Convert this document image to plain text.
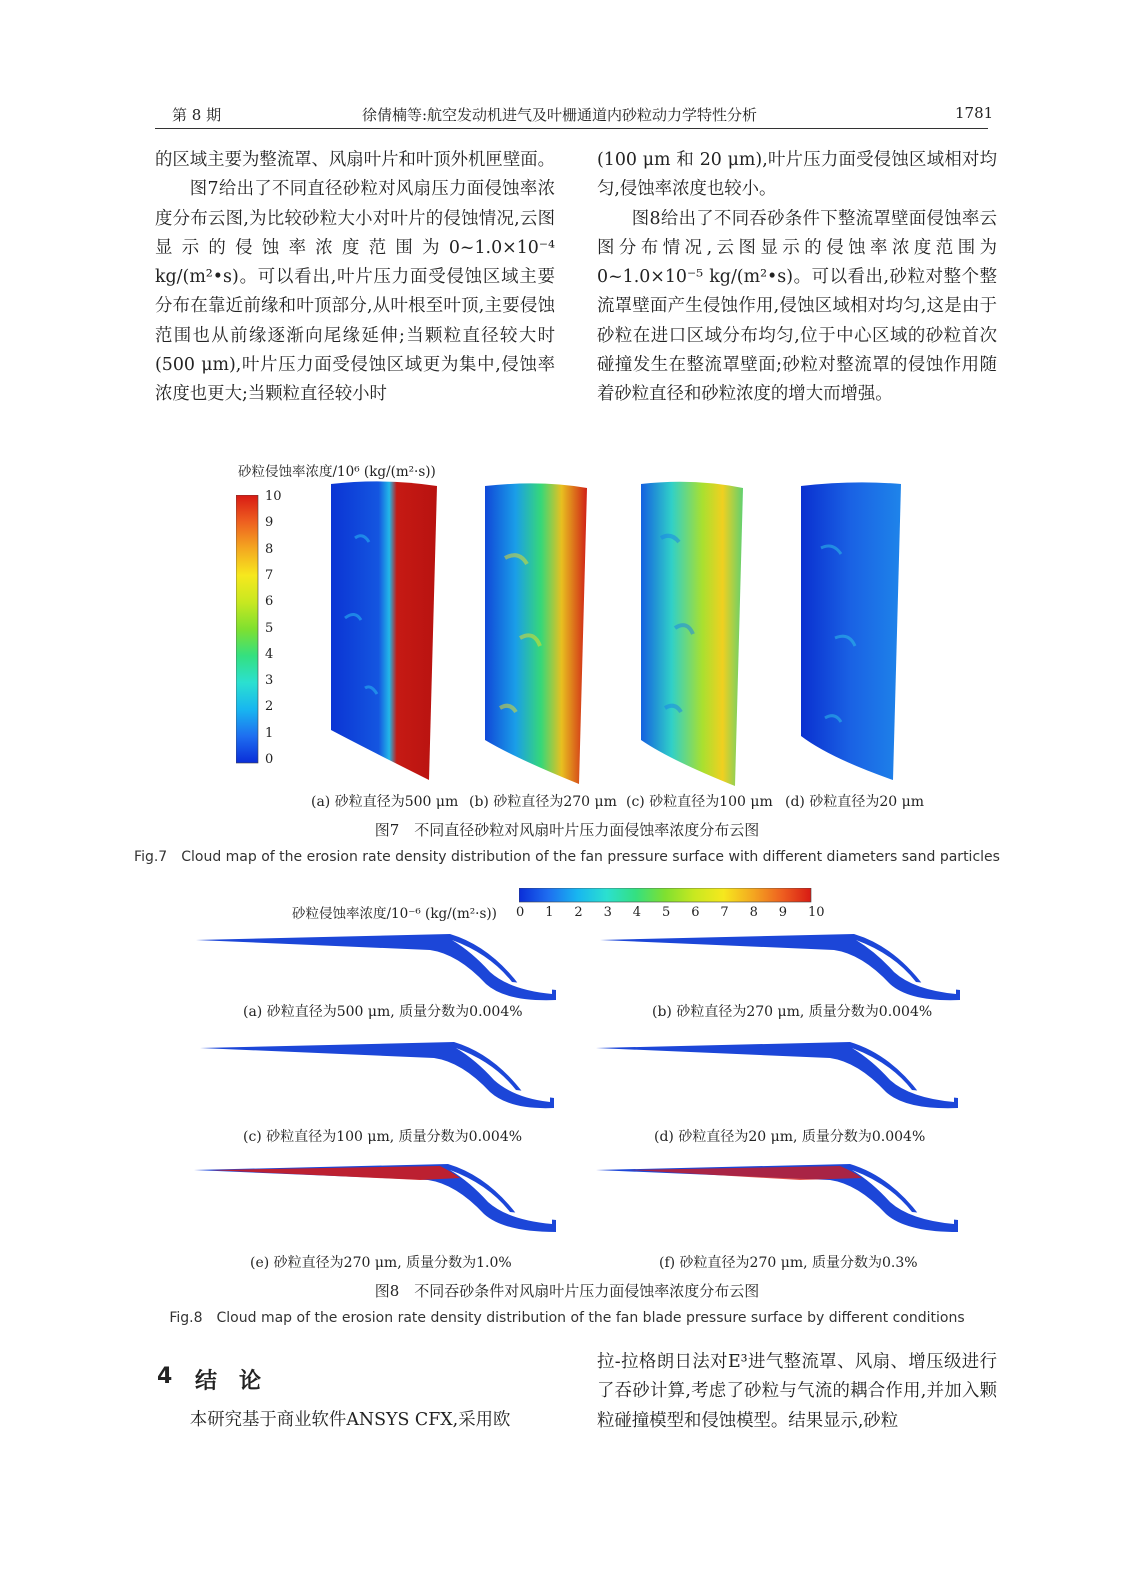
第 8 期	徐倩楠等:航空发动机进气及叶栅通道内砂粒动力学特性分析	1781

的区域主要为整流罩、风扇叶片和叶顶外机匣壁面。

图7给出了不同直径砂粒对风扇压力面侵蚀率浓度分布云图,为比较砂粒大小对叶片的侵蚀情况,云图显示的侵蚀率浓度范围为0~1.0×10⁻⁴ kg/(m²•s)。可以看出,叶片压力面受侵蚀区域主要分布在靠近前缘和叶顶部分,从叶根至叶顶,主要侵蚀范围也从前缘逐渐向尾缘延伸;当颗粒直径较大时(500 μm),叶片压力面受侵蚀区域更为集中,侵蚀率浓度也更大;当颗粒直径较小时

(100 μm 和 20 μm),叶片压力面受侵蚀区域相对均匀,侵蚀率浓度也较小。

图8给出了不同吞砂条件下整流罩壁面侵蚀率云图分布情况,云图显示的侵蚀率浓度范围为0~1.0×10⁻⁵ kg/(m²•s)。可以看出,砂粒对整个整流罩壁面产生侵蚀作用,侵蚀区域相对均匀,这是由于砂粒在进口区域分布均匀,位于中心区域的砂粒首次碰撞发生在整流罩壁面;砂粒对整流罩的侵蚀作用随着砂粒直径和砂粒浓度的增大而增强。

砂粒侵蚀率浓度/10⁶ (kg/(m²·s))
10
9
8
7
6
5
4
3
2
1
0
(a) 砂粒直径为500 μm (b) 砂粒直径为270 μm (c) 砂粒直径为100 μm (d) 砂粒直径为20 μm
图7　不同直径砂粒对风扇叶片压力面侵蚀率浓度分布云图
Fig.7　Cloud map of the erosion rate density distribution of the fan pressure surface with different diameters sand particles
砂粒侵蚀率浓度/10⁻⁶ (kg/(m²·s)) 0 1 2 3 4 5 6 7 8 9 10
(a) 砂粒直径为500 μm, 质量分数为0.004%	(b) 砂粒直径为270 μm, 质量分数为0.004%
(c) 砂粒直径为100 μm, 质量分数为0.004%	(d) 砂粒直径为20 μm, 质量分数为0.004%
(e) 砂粒直径为270 μm, 质量分数为1.0%	(f) 砂粒直径为270 μm, 质量分数为0.3%
图8　不同吞砂条件对风扇叶片压力面侵蚀率浓度分布云图
Fig.8　Cloud map of the erosion rate density distribution of the fan blade pressure surface by different conditions
4 结　论

本研究基于商业软件ANSYS CFX,采用欧

拉-拉格朗日法对E³进气整流罩、风扇、增压级进行了吞砂计算,考虑了砂粒与气流的耦合作用,并加入颗粒碰撞模型和侵蚀模型。结果显示,砂粒
